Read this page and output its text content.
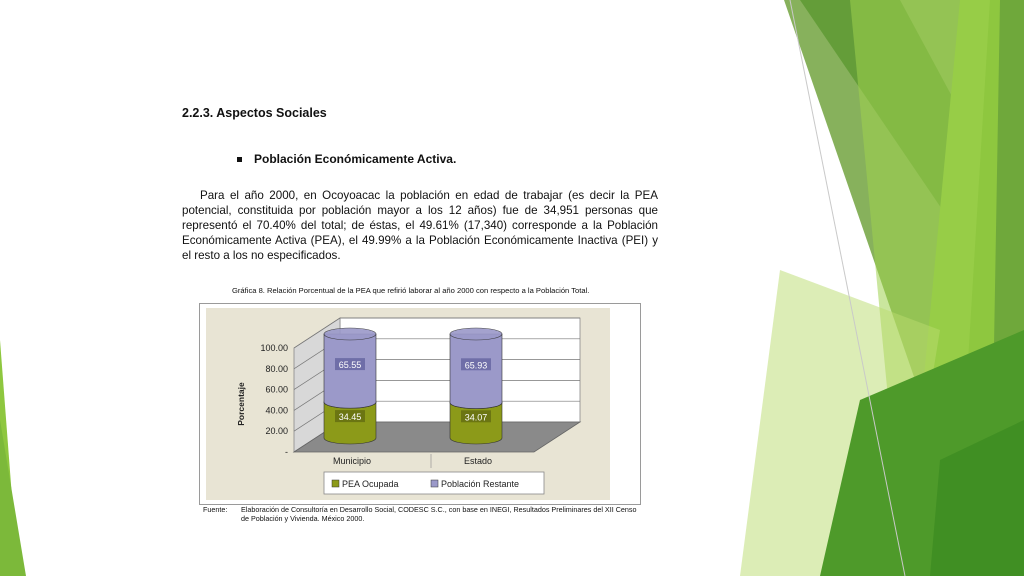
2.2.3. Aspectos Sociales
Población Económicamente Activa.
Para el año 2000, en Ocoyoacac la población en edad de trabajar (es decir la PEA potencial, constituida por población mayor a los 12 años) fue de 34,951 personas que representó el 70.40% del total; de éstas, el 49.61% (17,340) corresponde a la Población Económicamente Activa (PEA), el 49.99% a la Población Económicamente Inactiva (PEI) y el resto a los no especificados.
Gráfica 8. Relación Porcentual de la PEA que refirió laborar al año 2000 con respecto a la Población Total.
-
20.00
40.00
60.00
80.00
100.00
34.45
65.55
34.07
65.93
Municipio	Estado
Porcentaje
PEA Ocupada	Población Restante
Fuente: Elaboración de Consultoría en Desarrollo Social, CODESC S.C., con base en INEGI, Resultados Preliminares del XII Censo de Población y Vivienda. México 2000.
